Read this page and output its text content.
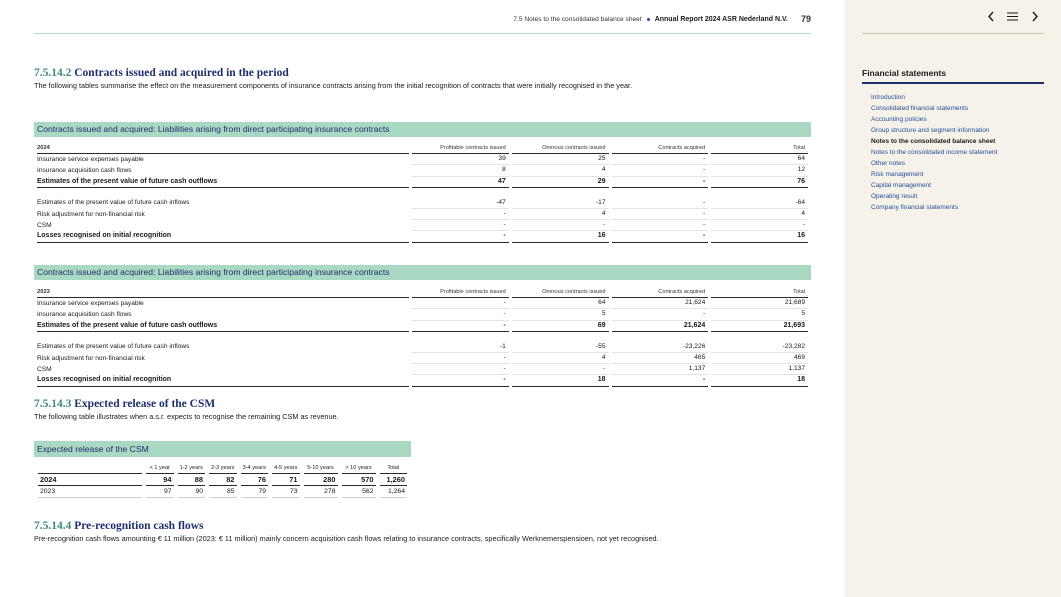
7.5 Notes to the consolidated balance sheet Annual Report 2024 ASR Nederland N.V. 79
7.5.14.2 Contracts issued and acquired in the period
The following tables summarise the effect on the measurement components of insurance contracts arising from the initial recognition of contracts that were initially recognised in the year.
Contracts issued and acquired: Liabilities arising from direct participating insurance contracts
2024	Profitable contracts issued	Onerous contracts issued	Contracts acquired	Total
Insurance service expenses payable	39	25	-	64
Insurance acquisition cash flows	8	4	-	12
Estimates of the present value of future cash outflows	47	29	-	76

Estimates of the present value of future cash inflows	-47	-17	-	-64
Risk adjustment for non-financial risk	-	4	-	4
CSM	-	-	-	-
Losses recognised on initial recognition	-	16	-	16
Contracts issued and acquired: Liabilities arising from direct participating insurance contracts
2023	Profitable contracts issued	Onerous contracts issued	Contracts acquired	Total
Insurance service expenses payable	-	64	21,624	21,689
Insurance acquisition cash flows	-	5	-	5
Estimates of the present value of future cash outflows	-	69	21,624	21,693

Estimates of the present value of future cash inflows	-1	-55	-23,226	-23,282
Risk adjustment for non-financial risk	-	4	465	469
CSM	-	-	1,137	1,137
Losses recognised on initial recognition	-	18	-	18
7.5.14.3 Expected release of the CSM
The following table illustrates when a.s.r. expects to recognise the remaining CSM as revenue.
Expected release of the CSM
	< 1 year	1-2 years	2-3 years	3-4 years	4-5 years	5-10 years	> 10 years	Total
2024	94	88	82	76	71	280	570	1,260
2023	97	90	85	79	73	278	562	1,264
7.5.14.4 Pre-recognition cash flows
Pre-recognition cash flows amounting € 11 million (2023: € 11 million) mainly concern acquisition cash flows relating to insurance contracts, specifically Werknemerspensioen, not yet recognised.
Financial statements
Introduction
Consolidated financial statements
Accounting policies
Group structure and segment information
Notes to the consolidated balance sheet
Notes to the consolidated income statement
Other notes
Risk management
Capital management
Operating result
Company financial statements
